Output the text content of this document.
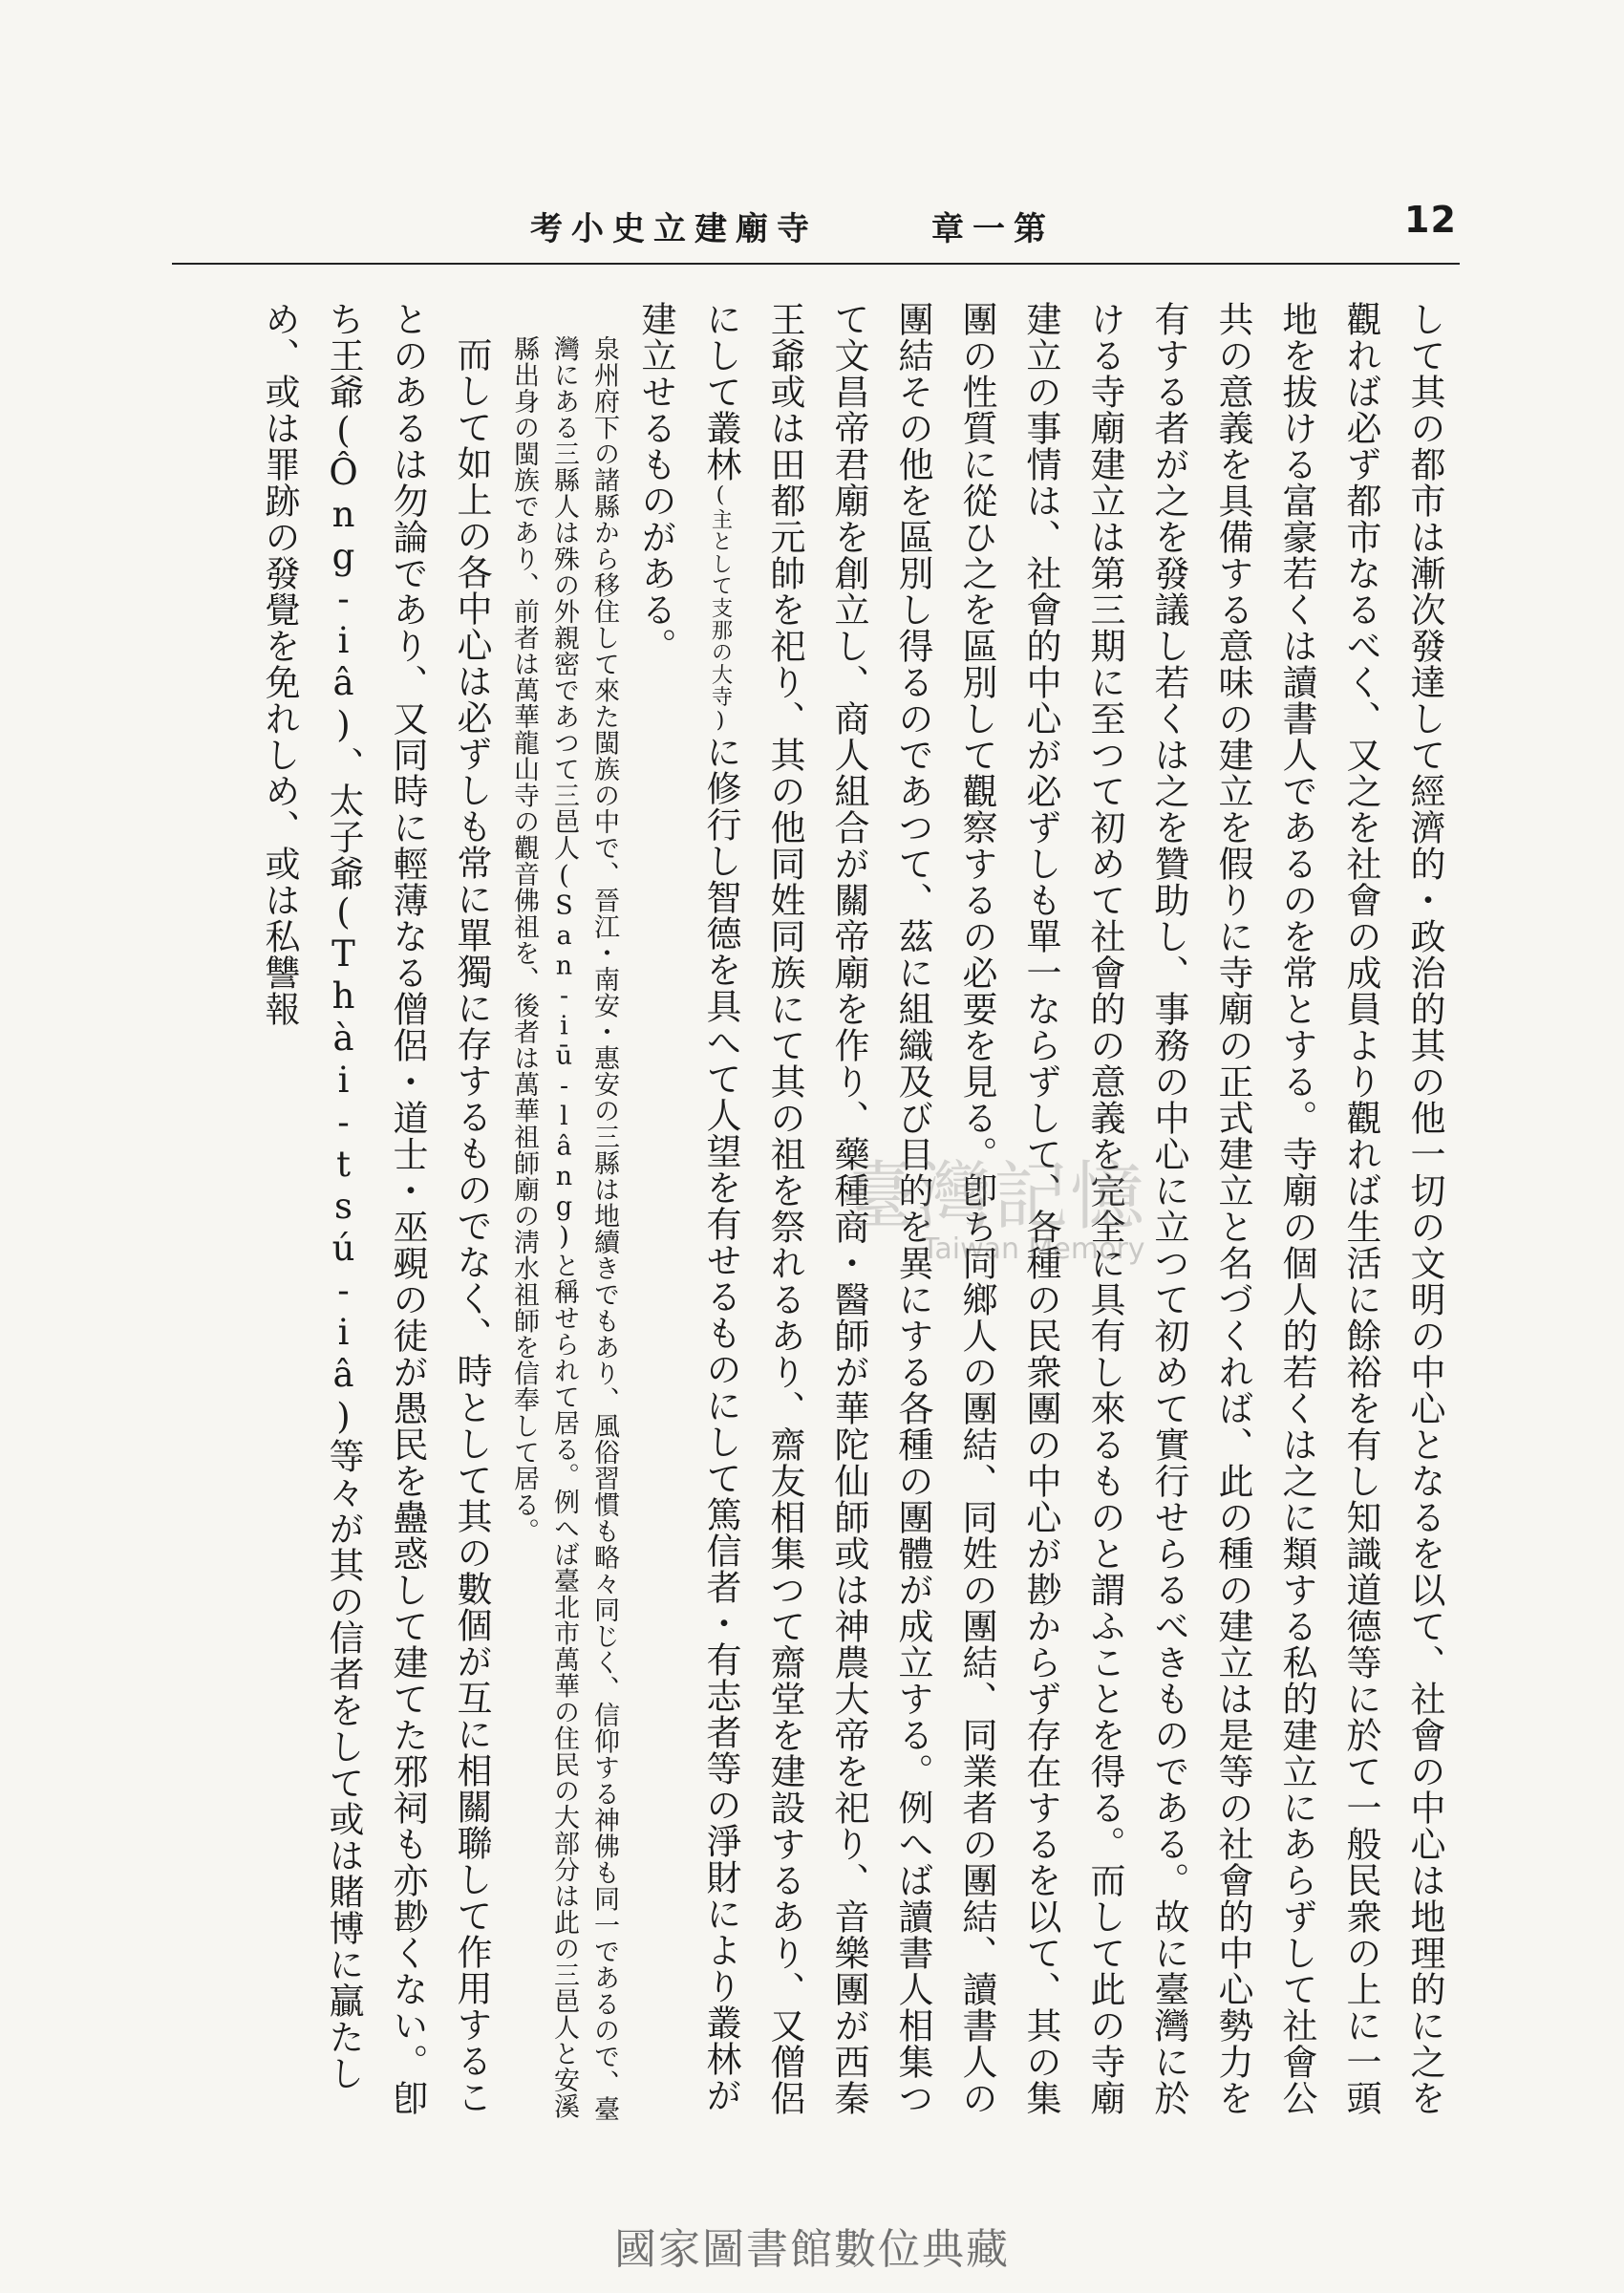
12
章一第
考小史立建廟寺

して其の都市は漸次發達して經濟的・政治的其の他一切の文明の中心となるを以て、社會の中心は地理的に之を觀れば必ず都市なるべく、又之を社會の成員より觀れば生活に餘裕を有し知識道德等に於て一般民衆の上に一頭地を拔ける富豪若くは讀書人であるのを常とする。寺廟の個人的若くは之に類する私的建立にあらずして社會公共の意義を具備する意味の建立を假りに寺廟の正式建立と名づくれば、此の種の建立は是等の社會的中心勢力を有する者が之を發議し若くは之を贊助し、事務の中心に立つて初めて實行せらるべきものである。故に臺灣に於ける寺廟建立は第三期に至つて初めて社會的の意義を完全に具有し來るものと謂ふことを得る。而して此の寺廟建立の事情は、社會的中心が必ずしも單一ならずして、各種の民衆團の中心が尠からず存在するを以て、其の集團の性質に從ひ之を區別して觀察するの必要を見る。卽ち同鄉人の團結、同姓の團結、同業者の團結、讀書人の團結その他を區別し得るのであつて、茲に組織及び目的を異にする各種の團體が成立する。例へば讀書人相集つて文昌帝君廟を創立し、商人組合が關帝廟を作り、藥種商・醫師が華陀仙師或は神農大帝を祀り、音樂團が西秦王爺或は田都元帥を祀り、其の他同姓同族にて其の祖を祭れるあり、齋友相集つて齋堂を建設するあり、又僧侶にして叢林(主として支那の大寺)に修行し智德を具へて人望を有せるものにして篤信者・有志者等の淨財により叢林が建立せるものがある。

泉州府下の諸縣から移住して來た閩族の中で、晉江・南安・惠安の三縣は地續きでもあり、風俗習慣も略々同じく、信仰する神佛も同一であるので、臺灣にある三縣人は殊の外親密であつて三邑人(San-iū-lâng)と稱せられて居る。例へば臺北市萬華の住民の大部分は此の三邑人と安溪縣出身の閩族であり、前者は萬華龍山寺の觀音佛祖を、後者は萬華祖師廟の淸水祖師を信奉して居る。

而して如上の各中心は必ずしも常に單獨に存するものでなく、時として其の數個が互に相關聯して作用することのあるは勿論であり、又同時に輕薄なる僧侶・道士・巫覡の徒が愚民を蠱惑して建てた邪祠も亦尠くない。卽ち王爺(Ông-iâ)、太子爺(Thài-tsú-iâ)等々が其の信者をして或は賭博に贏たしめ、或は罪跡の發覺を免れしめ、或は私讐報

臺灣記憶
Taiwan Memory
國家圖書館數位典藏
